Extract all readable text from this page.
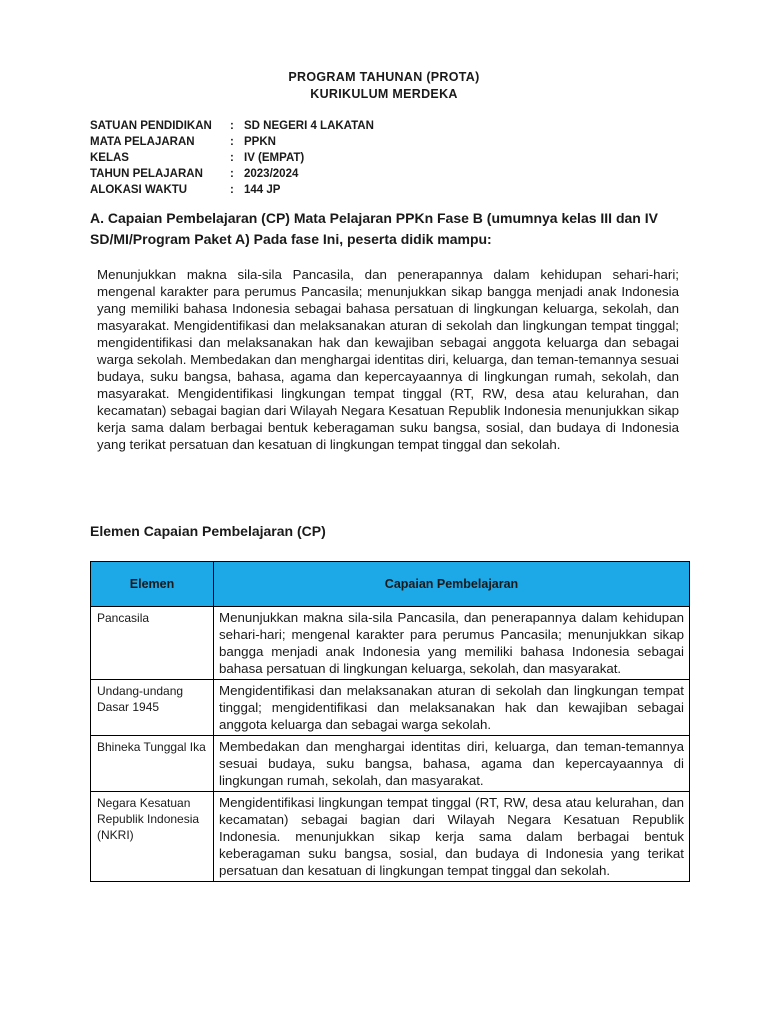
PROGRAM TAHUNAN (PROTA)
KURIKULUM MERDEKA
SATUAN PENDIDIKAN	: SD NEGERI 4 LAKATAN
MATA PELAJARAN	: PPKN
KELAS	: IV (EMPAT)
TAHUN PELAJARAN	: 2023/2024
ALOKASI WAKTU	: 144 JP
A. Capaian Pembelajaran (CP) Mata Pelajaran PPKn Fase B (umumnya kelas III dan IV SD/MI/Program Paket A) Pada fase Ini, peserta didik mampu:
Menunjukkan makna sila-sila Pancasila, dan penerapannya dalam kehidupan sehari-hari; mengenal karakter para perumus Pancasila; menunjukkan sikap bangga menjadi anak Indonesia yang memiliki bahasa Indonesia sebagai bahasa persatuan di lingkungan keluarga, sekolah, dan masyarakat. Mengidentifikasi dan melaksanakan aturan di sekolah dan lingkungan tempat tinggal; mengidentifikasi dan melaksanakan hak dan kewajiban sebagai anggota keluarga dan sebagai warga sekolah. Membedakan dan menghargai identitas diri, keluarga, dan teman-temannya sesuai budaya, suku bangsa, bahasa, agama dan kepercayaannya di lingkungan rumah, sekolah, dan masyarakat. Mengidentifikasi lingkungan tempat tinggal (RT, RW, desa atau kelurahan, dan kecamatan) sebagai bagian dari Wilayah Negara Kesatuan Republik Indonesia menunjukkan sikap kerja sama dalam berbagai bentuk keberagaman suku bangsa, sosial, dan budaya di Indonesia yang terikat persatuan dan kesatuan di lingkungan tempat tinggal dan sekolah.
Elemen Capaian Pembelajaran (CP)
Elemen	Capaian Pembelajaran
Pancasila	Menunjukkan makna sila-sila Pancasila, dan penerapannya dalam kehidupan sehari-hari; mengenal karakter para perumus Pancasila; menunjukkan sikap bangga menjadi anak Indonesia yang memiliki bahasa Indonesia sebagai bahasa persatuan di lingkungan keluarga, sekolah, dan masyarakat.
Undang-undang Dasar 1945	Mengidentifikasi dan melaksanakan aturan di sekolah dan lingkungan tempat tinggal; mengidentifikasi dan melaksanakan hak dan kewajiban sebagai anggota keluarga dan sebagai warga sekolah.
Bhineka Tunggal Ika	Membedakan dan menghargai identitas diri, keluarga, dan teman-temannya sesuai budaya, suku bangsa, bahasa, agama dan kepercayaannya di lingkungan rumah, sekolah, dan masyarakat.
Negara Kesatuan Republik Indonesia (NKRI)	Mengidentifikasi lingkungan tempat tinggal (RT, RW, desa atau kelurahan, dan kecamatan) sebagai bagian dari Wilayah Negara Kesatuan Republik Indonesia. menunjukkan sikap kerja sama dalam berbagai bentuk keberagaman suku bangsa, sosial, dan budaya di Indonesia yang terikat persatuan dan kesatuan di lingkungan tempat tinggal dan sekolah.
